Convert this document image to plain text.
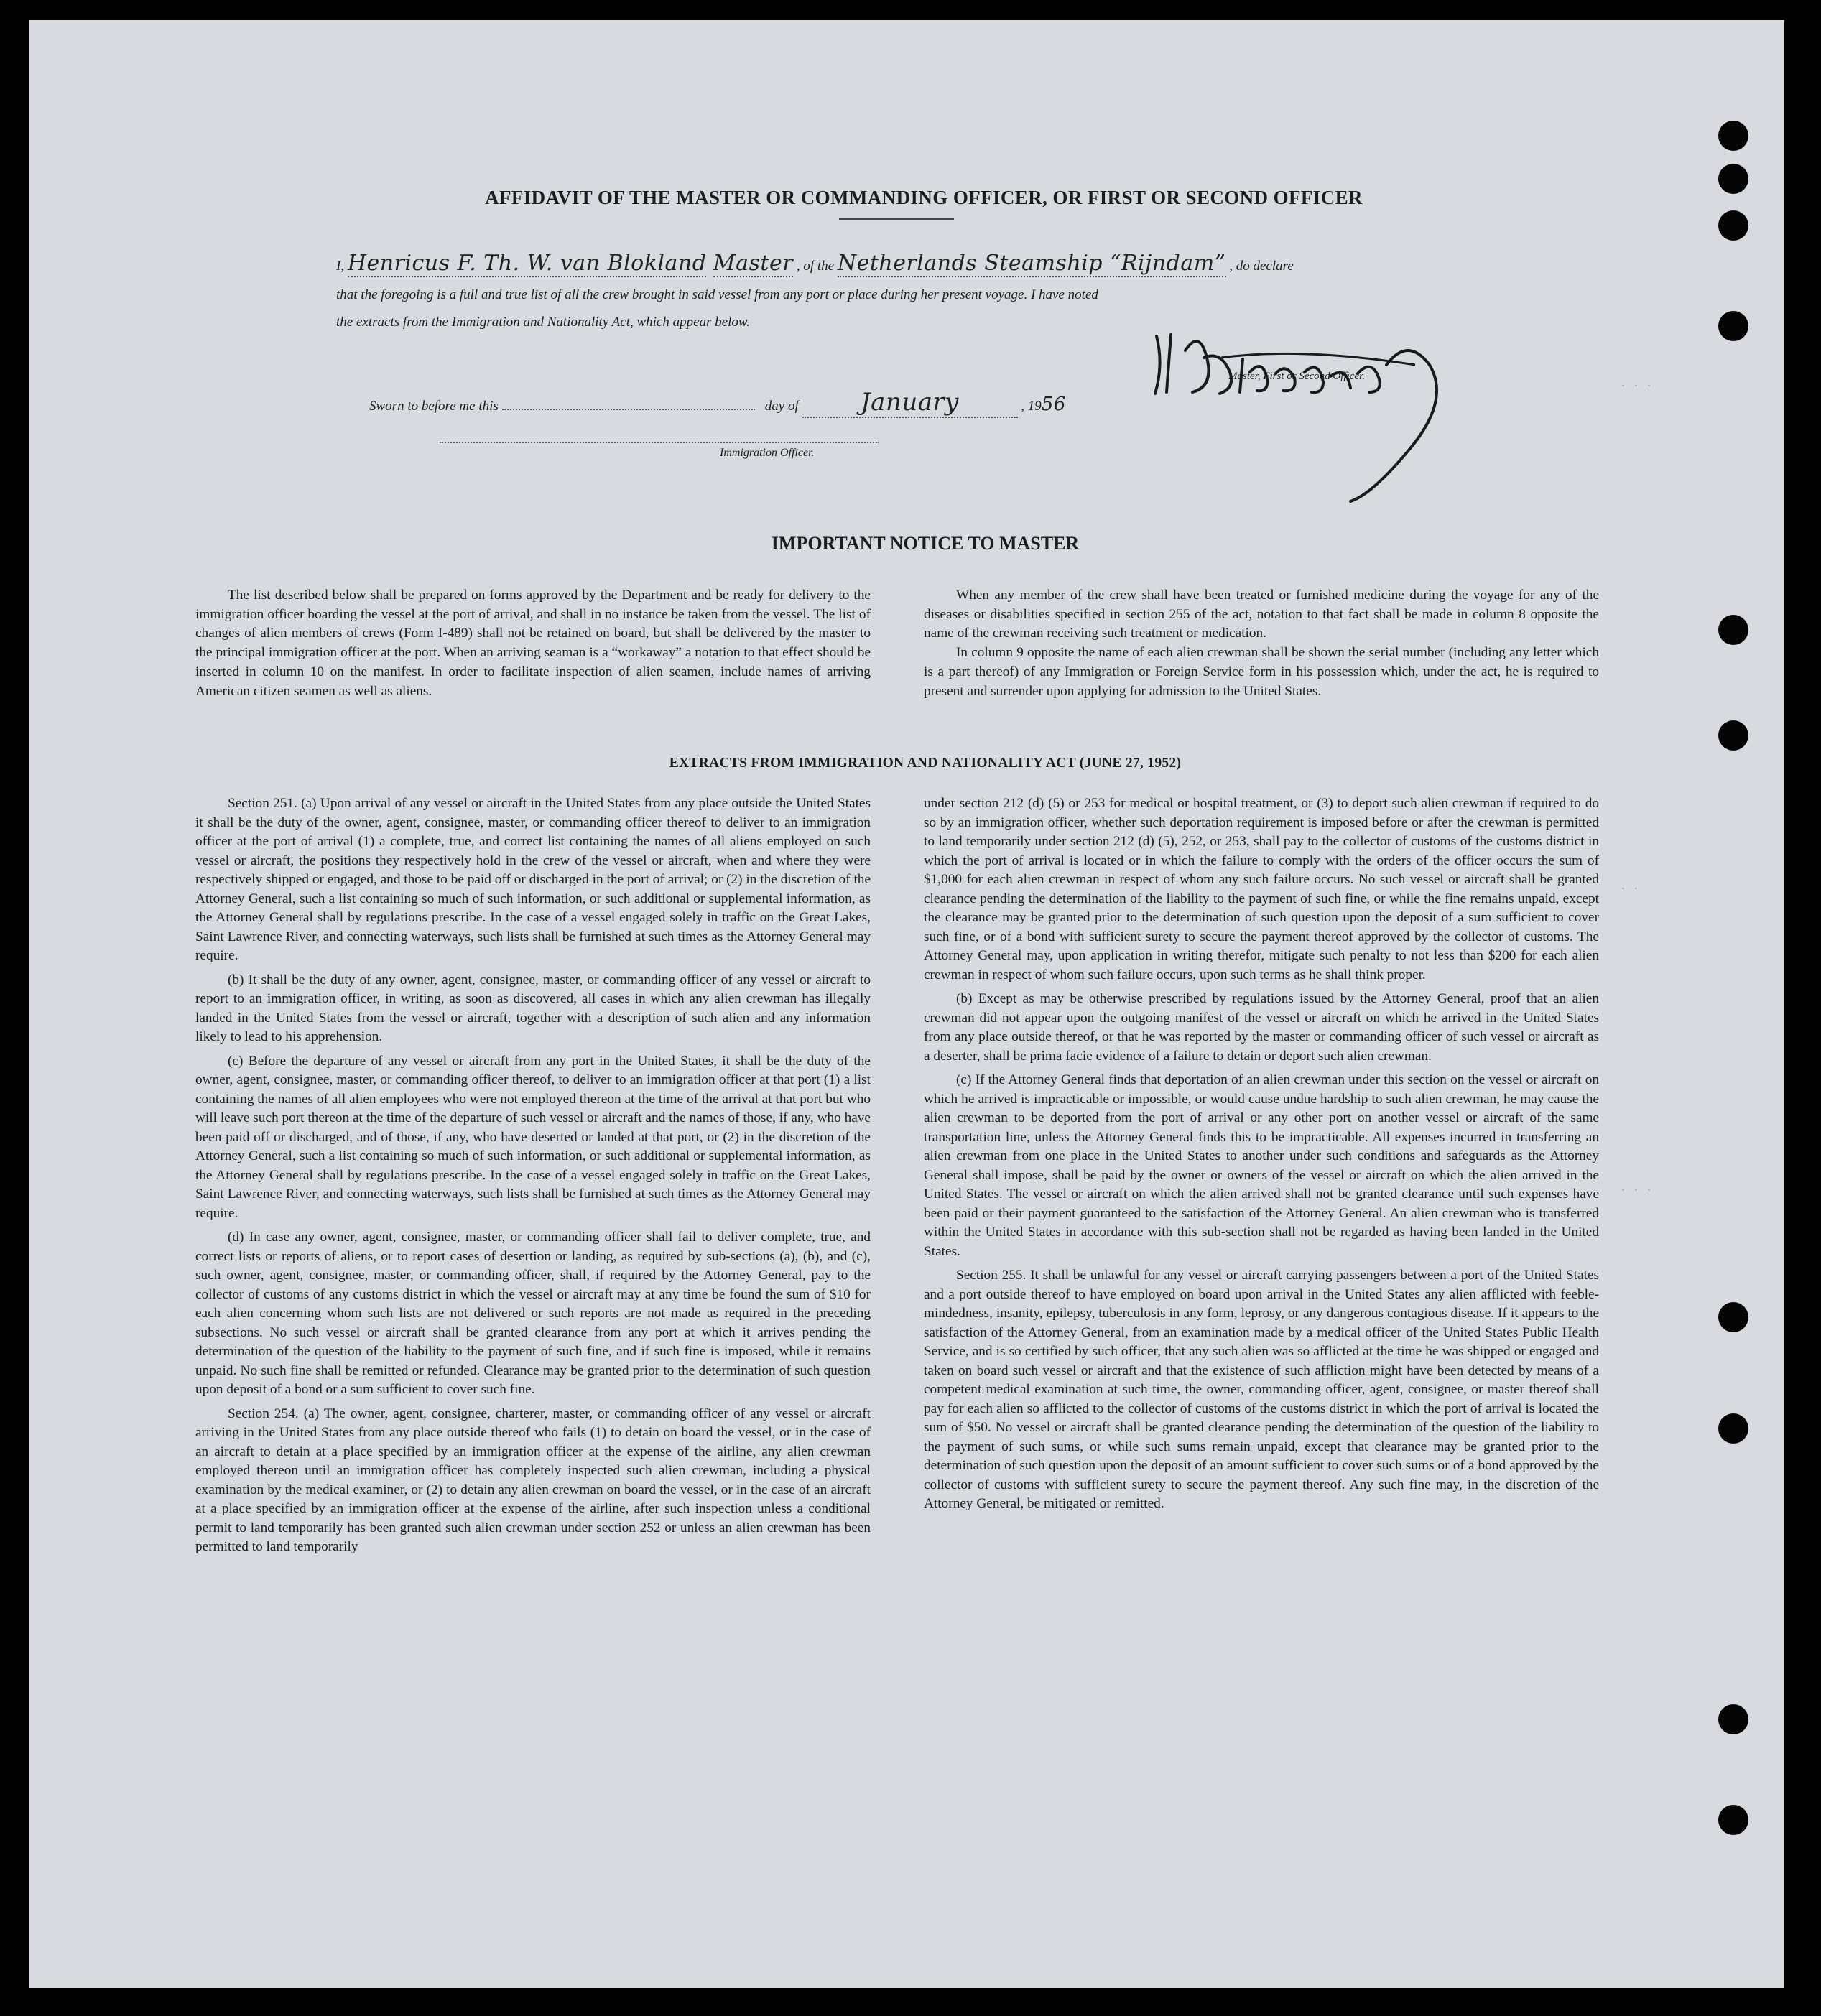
· · ·
· ·
· · ·
AFFIDAVIT OF THE MASTER OR COMMANDING OFFICER, OR FIRST OR SECOND OFFICER
I, Henricus F. Th. W. van Blokland Master , of the Netherlands Steamship “Rijndam” , do declare
that the foregoing is a full and true list of all the crew brought in said vessel from any port or place during her present voyage. I have noted
the extracts from the Immigration and Nationality Act, which appear below.
Sworn to before me this	day of	January	, 1956
Immigration Officer.
Master, First or Second Officer.
IMPORTANT NOTICE TO MASTER

The list described below shall be prepared on forms approved by the Department and be ready for delivery to the immigration officer boarding the vessel at the port of arrival, and shall in no instance be taken from the vessel. The list of changes of alien members of crews (Form I-489) shall not be retained on board, but shall be delivered by the master to the principal immigration officer at the port. When an arriving seaman is a “workaway” a notation to that effect should be inserted in column 10 on the manifest. In order to facilitate inspection of alien seamen, include names of arriving American citizen seamen as well as aliens.

When any member of the crew shall have been treated or furnished medicine during the voyage for any of the diseases or disabilities specified in section 255 of the act, notation to that fact shall be made in column 8 opposite the name of the crewman receiving such treatment or medication.

In column 9 opposite the name of each alien crewman shall be shown the serial number (including any letter which is a part thereof) of any Immigration or Foreign Service form in his possession which, under the act, he is required to present and surrender upon applying for admission to the United States.

EXTRACTS FROM IMMIGRATION AND NATIONALITY ACT (JUNE 27, 1952)

Section 251. (a) Upon arrival of any vessel or aircraft in the United States from any place outside the United States it shall be the duty of the owner, agent, consignee, master, or commanding officer thereof to deliver to an immigration officer at the port of arrival (1) a complete, true, and correct list containing the names of all aliens employed on such vessel or aircraft, the positions they respectively hold in the crew of the vessel or aircraft, when and where they were respectively shipped or engaged, and those to be paid off or discharged in the port of arrival; or (2) in the discretion of the Attorney General, such a list containing so much of such information, or such additional or supplemental information, as the Attorney General shall by regulations prescribe. In the case of a vessel engaged solely in traffic on the Great Lakes, Saint Lawrence River, and connecting waterways, such lists shall be furnished at such times as the Attorney General may require.

(b) It shall be the duty of any owner, agent, consignee, master, or commanding officer of any vessel or aircraft to report to an immigration officer, in writing, as soon as discovered, all cases in which any alien crewman has illegally landed in the United States from the vessel or aircraft, together with a description of such alien and any information likely to lead to his apprehension.

(c) Before the departure of any vessel or aircraft from any port in the United States, it shall be the duty of the owner, agent, consignee, master, or commanding officer thereof, to deliver to an immigration officer at that port (1) a list containing the names of all alien employees who were not employed thereon at the time of the arrival at that port but who will leave such port thereon at the time of the departure of such vessel or aircraft and the names of those, if any, who have been paid off or discharged, and of those, if any, who have deserted or landed at that port, or (2) in the discretion of the Attorney General, such a list containing so much of such information, or such additional or supplemental information, as the Attorney General shall by regulations prescribe. In the case of a vessel engaged solely in traffic on the Great Lakes, Saint Lawrence River, and connecting waterways, such lists shall be furnished at such times as the Attorney General may require.

(d) In case any owner, agent, consignee, master, or commanding officer shall fail to deliver complete, true, and correct lists or reports of aliens, or to report cases of desertion or landing, as required by sub-sections (a), (b), and (c), such owner, agent, consignee, master, or commanding officer, shall, if required by the Attorney General, pay to the collector of customs of any customs district in which the vessel or aircraft may at any time be found the sum of $10 for each alien concerning whom such lists are not delivered or such reports are not made as required in the preceding subsections. No such vessel or aircraft shall be granted clearance from any port at which it arrives pending the determination of the question of the liability to the payment of such fine, and if such fine is imposed, while it remains unpaid. No such fine shall be remitted or refunded. Clearance may be granted prior to the determination of such question upon deposit of a bond or a sum sufficient to cover such fine.

Section 254. (a) The owner, agent, consignee, charterer, master, or commanding officer of any vessel or aircraft arriving in the United States from any place outside thereof who fails (1) to detain on board the vessel, or in the case of an aircraft to detain at a place specified by an immigration officer at the expense of the airline, any alien crewman employed thereon until an immigration officer has completely inspected such alien crewman, including a physical examination by the medical examiner, or (2) to detain any alien crewman on board the vessel, or in the case of an aircraft at a place specified by an immigration officer at the expense of the airline, after such inspection unless a conditional permit to land temporarily has been granted such alien crewman under section 252 or unless an alien crewman has been permitted to land temporarily

under section 212 (d) (5) or 253 for medical or hospital treatment, or (3) to deport such alien crewman if required to do so by an immigration officer, whether such deportation requirement is imposed before or after the crewman is permitted to land temporarily under section 212 (d) (5), 252, or 253, shall pay to the collector of customs of the customs district in which the port of arrival is located or in which the failure to comply with the orders of the officer occurs the sum of $1,000 for each alien crewman in respect of whom any such failure occurs. No such vessel or aircraft shall be granted clearance pending the determination of the liability to the payment of such fine, or while the fine remains unpaid, except the clearance may be granted prior to the determination of such question upon the deposit of a sum sufficient to cover such fine, or of a bond with sufficient surety to secure the payment thereof approved by the collector of customs. The Attorney General may, upon application in writing therefor, mitigate such penalty to not less than $200 for each alien crewman in respect of whom such failure occurs, upon such terms as he shall think proper.

(b) Except as may be otherwise prescribed by regulations issued by the Attorney General, proof that an alien crewman did not appear upon the outgoing manifest of the vessel or aircraft on which he arrived in the United States from any place outside thereof, or that he was reported by the master or commanding officer of such vessel or aircraft as a deserter, shall be prima facie evidence of a failure to detain or deport such alien crewman.

(c) If the Attorney General finds that deportation of an alien crewman under this section on the vessel or aircraft on which he arrived is impracticable or impossible, or would cause undue hardship to such alien crewman, he may cause the alien crewman to be deported from the port of arrival or any other port on another vessel or aircraft of the same transportation line, unless the Attorney General finds this to be impracticable. All expenses incurred in transferring an alien crewman from one place in the United States to another under such conditions and safeguards as the Attorney General shall impose, shall be paid by the owner or owners of the vessel or aircraft on which the alien arrived in the United States. The vessel or aircraft on which the alien arrived shall not be granted clearance until such expenses have been paid or their payment guaranteed to the satisfaction of the Attorney General. An alien crewman who is transferred within the United States in accordance with this sub-section shall not be regarded as having been landed in the United States.

Section 255. It shall be unlawful for any vessel or aircraft carrying passengers between a port of the United States and a port outside thereof to have employed on board upon arrival in the United States any alien afflicted with feeble-mindedness, insanity, epilepsy, tuberculosis in any form, leprosy, or any dangerous contagious disease. If it appears to the satisfaction of the Attorney General, from an examination made by a medical officer of the United States Public Health Service, and is so certified by such officer, that any such alien was so afflicted at the time he was shipped or engaged and taken on board such vessel or aircraft and that the existence of such affliction might have been detected by means of a competent medical examination at such time, the owner, commanding officer, agent, consignee, or master thereof shall pay for each alien so afflicted to the collector of customs of the customs district in which the port of arrival is located the sum of $50. No vessel or aircraft shall be granted clearance pending the determination of the question of the liability to the payment of such sums, or while such sums remain unpaid, except that clearance may be granted prior to the determination of such question upon the deposit of an amount sufficient to cover such sums or of a bond approved by the collector of customs with sufficient surety to secure the payment thereof. Any such fine may, in the discretion of the Attorney General, be mitigated or remitted.
